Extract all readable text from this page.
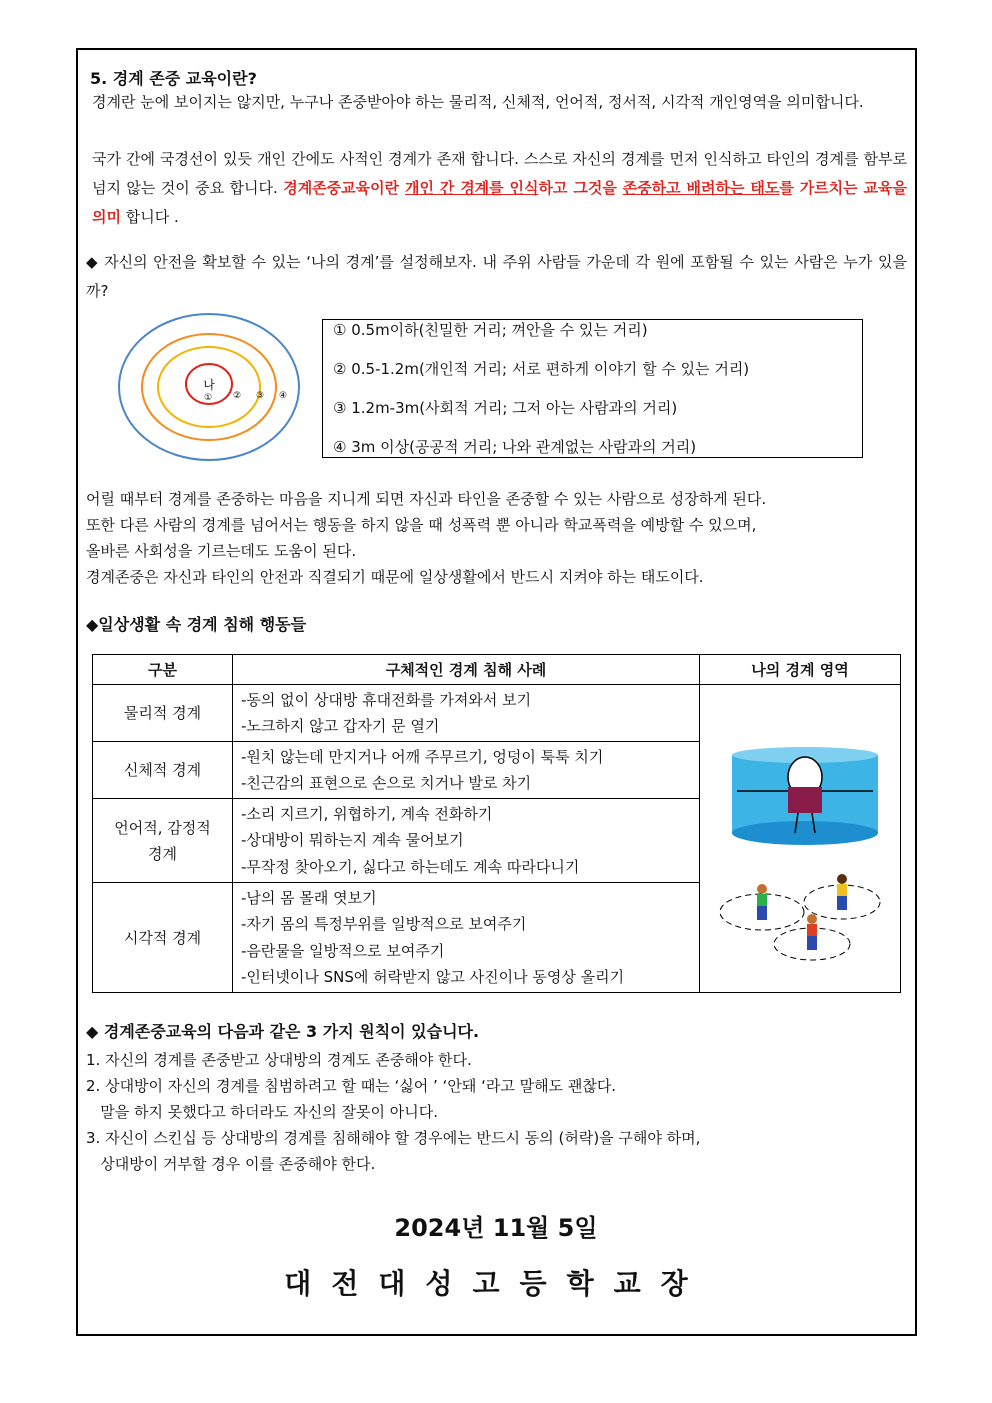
5. 경계 존중 교육이란?
경계란 눈에 보이지는 않지만, 누구나 존중받아야 하는 물리적, 신체적, 언어적, 정서적, 시각적 개인영역을 의미합니다.
국가 간에 국경선이 있듯 개인 간에도 사적인 경계가 존재 합니다. 스스로 자신의 경계를 먼저 인식하고 타인의 경계를 함부로 넘지 않는 것이 중요 합니다. 경계존중교육이란 개인 간 경계를 인식하고 그것을 존중하고 배려하는 태도를 가르치는 교육을 의미 합니다 .
◆ 자신의 안전을 확보할 수 있는 ‘나의 경계’를 설정해보자. 내 주위 사람들 가운데 각 원에 포함될 수 있는 사람은 누가 있을까?
나
① ② ③ ④
① 0.5m이하(친밀한 거리; 껴안을 수 있는 거리)
② 0.5-1.2m(개인적 거리; 서로 편하게 이야기 할 수 있는 거리)
③ 1.2m-3m(사회적 거리; 그저 아는 사람과의 거리)
④ 3m 이상(공공적 거리; 나와 관계없는 사람과의 거리)
어릴 때부터 경계를 존중하는 마음을 지니게 되면 자신과 타인을 존중할 수 있는 사람으로 성장하게 된다.
또한 다른 사람의 경계를 넘어서는 행동을 하지 않을 때 성폭력 뿐 아니라 학교폭력을 예방할 수 있으며,
올바른 사회성을 기르는데도 도움이 된다.
경계존중은 자신과 타인의 안전과 직결되기 때문에 일상생활에서 반드시 지켜야 하는 태도이다.
◆일상생활 속 경계 침해 행동들
구분	구체적인 경계 침해 사례	나의 경계 영역
물리적 경계	-동의 없이 상대방 휴대전화를 가져와서 보기
-노크하지 않고 갑자기 문 열기

신체적 경계	-원치 않는데 만지거나 어깨 주무르기, 엉덩이 툭툭 치기
-친근감의 표현으로 손으로 치거나 발로 차기	

언어적, 감정적 경계	-소리 지르기, 위협하기, 계속 전화하기
-상대방이 뭐하는지 계속 물어보기
-무작정 찾아오기, 싫다고 하는데도 계속 따라다니기	

시각적 경계	-남의 몸 몰래 엿보기
-자기 몸의 특정부위를 일방적으로 보여주기
-음란물을 일방적으로 보여주기
-인터넷이나 SNS에 허락받지 않고 사진이나 동영상 올리기	
◆ 경계존중교육의 다음과 같은 3 가지 원칙이 있습니다.
1. 자신의 경계를 존중받고 상대방의 경계도 존중해야 한다.
2. 상대방이 자신의 경계를 침범하려고 할 때는 ‘싫어 ’ ‘안돼 ‘라고 말해도 괜찮다.
말을 하지 못했다고 하더라도 자신의 잘못이 아니다.
3. 자신이 스킨십 등 상대방의 경계를 침해해야 할 경우에는 반드시 동의 (허락)을 구해야 하며,
상대방이 거부할 경우 이를 존중해야 한다.
2024년 11월 5일
대전대성고등학교장
